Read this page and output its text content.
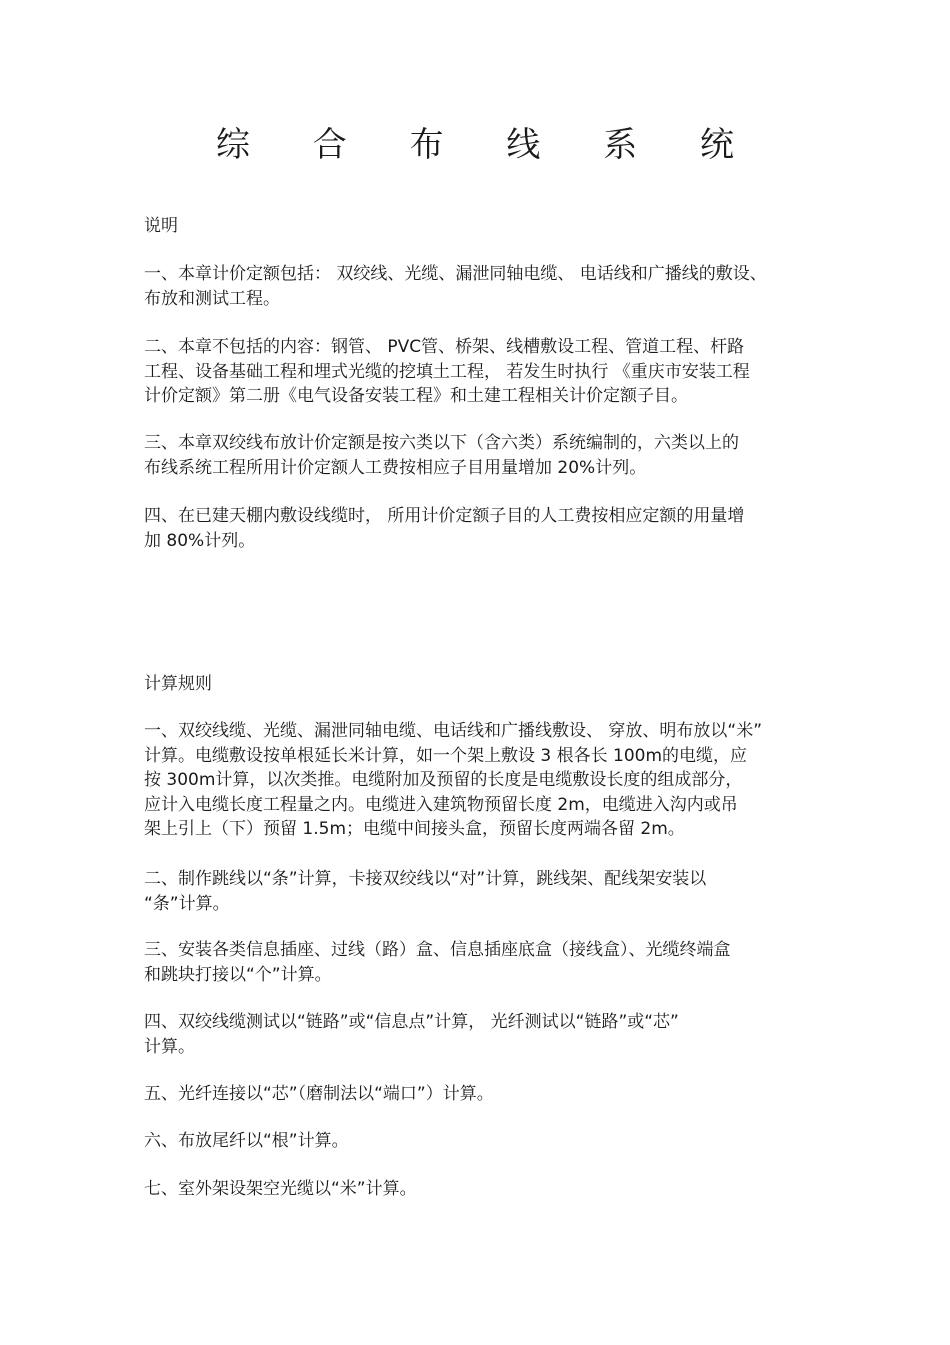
综 合 布 线 系 统
说明
一、本章计价定额包括： 双绞线、光缆、漏泄同轴电缆、 电话线和广播线的敷设、
布放和测试工程。
二、本章不包括的内容：钢管、 PVC管、桥架、线槽敷设工程、管道工程、杆路
工程、设备基础工程和埋式光缆的挖填土工程， 若发生时执行 《重庆市安装工程
计价定额》第二册《电气设备安装工程》和土建工程相关计价定额子目。
三、本章双绞线布放计价定额是按六类以下（含六类）系统编制的，六类以上的
布线系统工程所用计价定额人工费按相应子目用量增加 20%计列。
四、在已建天棚内敷设线缆时， 所用计价定额子目的人工费按相应定额的用量增
加 80%计列。
计算规则
一、双绞线缆、光缆、漏泄同轴电缆、电话线和广播线敷设、 穿放、明布放以“米”
计算。电缆敷设按单根延长米计算，如一个架上敷设 3 根各长 100m的电缆，应
按 300m计算，以次类推。电缆附加及预留的长度是电缆敷设长度的组成部分，
应计入电缆长度工程量之内。电缆进入建筑物预留长度 2m，电缆进入沟内或吊
架上引上（下）预留 1.5m；电缆中间接头盒，预留长度两端各留 2m。
二、制作跳线以“条”计算，卡接双绞线以“对”计算，跳线架、配线架安装以
“条”计算。
三、安装各类信息插座、过线（路）盒、信息插座底盒（接线盒）、光缆终端盒
和跳块打接以“个”计算。
四、双绞线缆测试以“链路”或“信息点”计算， 光纤测试以“链路”或“芯”
计算。
五、光纤连接以“芯”（磨制法以“端口”）计算。
六、布放尾纤以“根”计算。
七、室外架设架空光缆以“米”计算。
